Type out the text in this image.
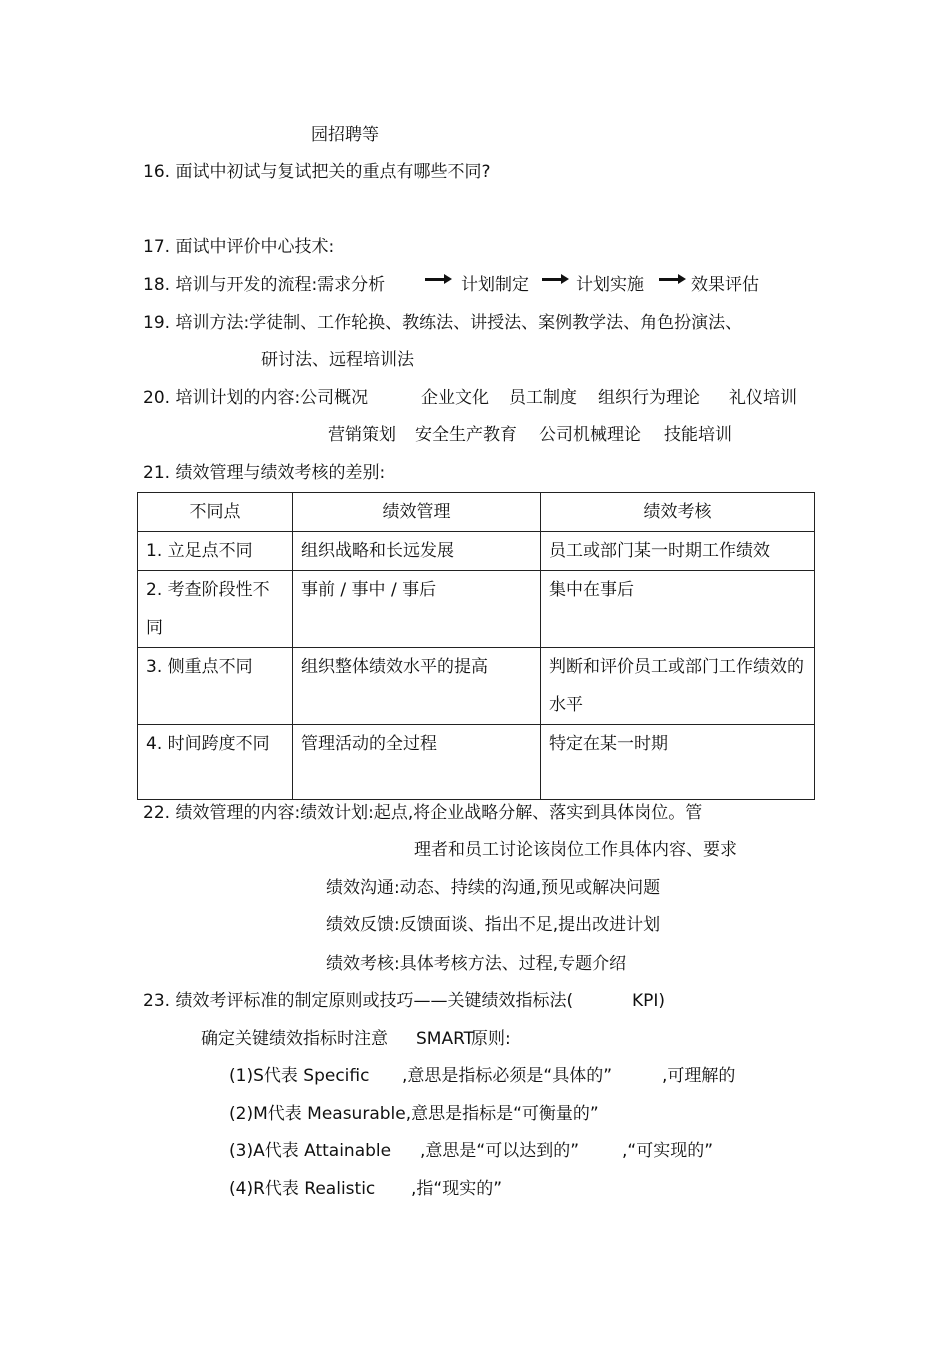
园招聘等
16. 面试中初试与复试把关的重点有哪些不同?
17. 面试中评价中心技术:
18. 培训与开发的流程:需求分析	计划制定	计划实施	效果评估
19. 培训方法:学徒制、工作轮换、教练法、讲授法、案例教学法、角色扮演法、
研讨法、远程培训法
20. 培训计划的内容:公司概况	企业文化 员工制度 组织行为理论 礼仪培训
营销策划 安全生产教育 公司机械理论 技能培训
21. 绩效管理与绩效考核的差别:
不同点	绩效管理	绩效考核
1. 立足点不同	组织战略和长远发展	员工或部门某一时期工作绩效
2. 考查阶段性不同	事前 / 事中 / 事后	集中在事后
3. 侧重点不同	组织整体绩效水平的提高	判断和评价员工或部门工作绩效的水平
4. 时间跨度不同	管理活动的全过程	特定在某一时期
22. 绩效管理的内容:绩效计划:起点,将企业战略分解、落实到具体岗位。管
理者和员工讨论该岗位工作具体内容、要求
绩效沟通:动态、持续的沟通,预见或解决问题
绩效反馈:反馈面谈、指出不足,提出改进计划
绩效考核:具体考核方法、过程,专题介绍
23. 绩效考评标准的制定原则或技巧——关键绩效指标法(	KPI)
确定关键绩效指标时注意 SMART
原则:
(1)S代表 Specific ,意思是指标必须是“具体的”	,可理解的
(2)M代表 Measurable,意思是指标是“可衡量的”
(3)A代表 Attainable ,意思是“可以达到的”	,“可实现的”
(4)R代表 Realistic ,指“现实的”
